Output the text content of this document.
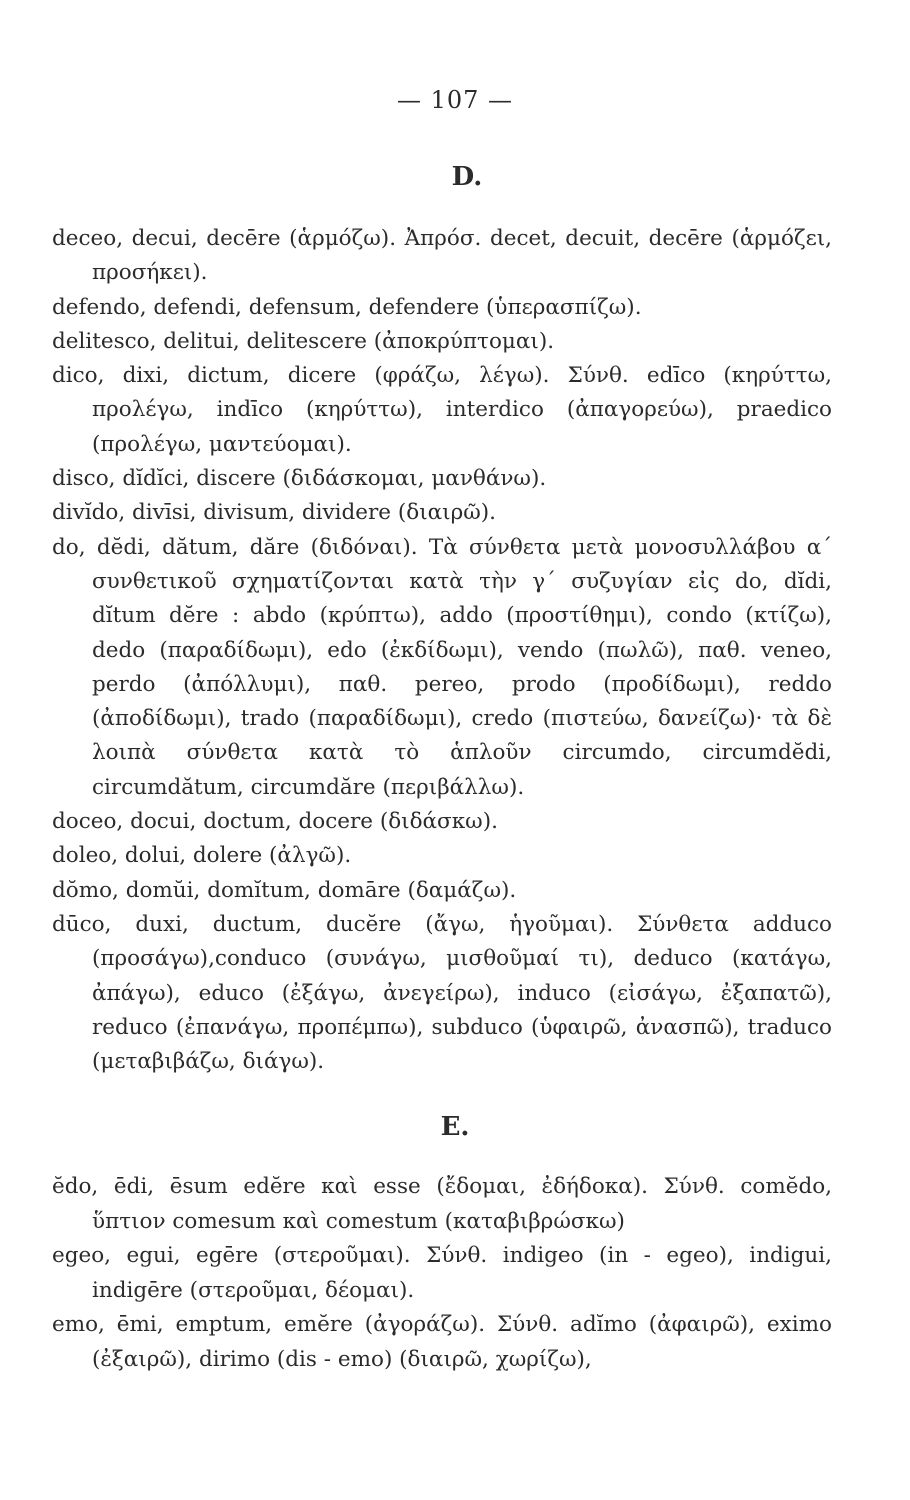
— 107 —
D.

deceo, decui, decēre (ἁρμόζω). Ἀπρόσ. decet, decuit, decēre (ἁρμόζει, προσήκει).

defendo, defendi, defensum, defendere (ὑπερασπίζω).

delitesco, delitui, delitescere (ἀποκρύπτομαι).

dico, dixi, dictum, dicere (φράζω, λέγω). Σύνθ. edīco (κηρύττω, προλέγω, indīco (κηρύττω), interdico (ἀπαγορεύω), praedico (προλέγω, μαντεύομαι).

disco, dĭdĭci, discere (διδάσκομαι, μανθάνω).

divĭdo, divīsi, divisum, dividere (διαιρῶ).

do, dĕdi, dătum, dăre (διδόναι). Τὰ σύνθετα μετὰ μονοσυλλάβου α΄ συνθετικοῦ σχηματίζονται κατὰ τὴν γ΄ συζυγίαν εἰς do, dĭdi, dĭtum dĕre : abdo (κρύπτω), addo (προστίθημι), condo (κτίζω), dedo (παραδίδωμι), edo (ἐκδίδωμι), vendo (πωλῶ), παθ. veneo, perdo (ἀπόλλυμι), παθ. pereo, prodo (προδίδωμι), reddo (ἀποδίδωμι), trado (παραδίδωμι), credo (πιστεύω, δανείζω)· τὰ δὲ λοιπὰ σύνθετα κατὰ τὸ ἁπλοῦν circumdo, circumdĕdi, circumdătum, circumdăre (περιβάλλω).

doceo, docui, doctum, docere (διδάσκω).

doleo, dolui, dolere (ἀλγῶ).

dŏmo, domŭi, domĭtum, domāre (δαμάζω).

dūco, duxi, ductum, ducĕre (ἄγω, ἡγοῦμαι). Σύνθετα adduco (προσάγω),conduco (συνάγω, μισθοῦμαί τι), deduco (κατάγω, ἀπάγω), educo (ἐξάγω, ἀνεγείρω), induco (εἰσάγω, ἐξαπατῶ), reduco (ἐπανάγω, προπέμπω), subduco (ὑφαιρῶ, ἀνασπῶ), traduco (μεταβιβάζω, διάγω).

E.

ĕdo, ēdi, ēsum edĕre καὶ esse (ἔδομαι, ἐδήδοκα). Σύνθ. comĕdo, ὕπτιον comesum καὶ comestum (καταβιβρώσκω)

egeo, egui, egēre (στεροῦμαι). Σύνθ. indigeo (in - egeo), indigui, indigēre (στεροῦμαι, δέομαι).

emo, ēmi, emptum, emĕre (ἀγοράζω). Σύνθ. adĭmo (ἀφαιρῶ), eximo (ἐξαιρῶ), dirimo (dis - emo) (διαιρῶ, χωρίζω),
